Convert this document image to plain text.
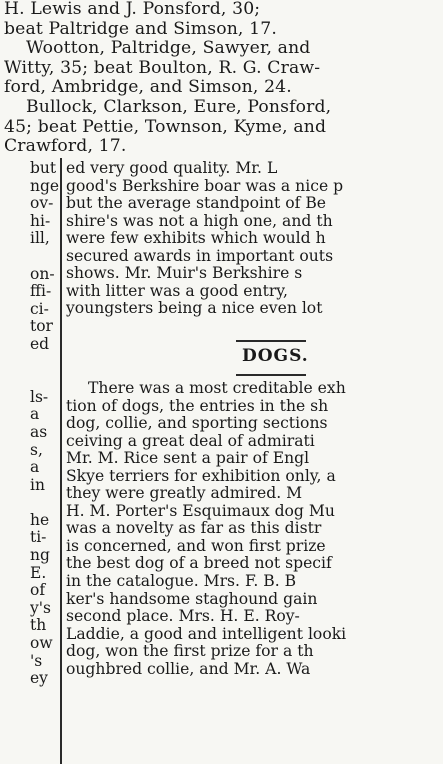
H. Lewis and J. Ponsford, 30;
beat Paltridge and Simson, 17.
Wootton, Paltridge, Sawyer, and
Witty, 35; beat Boulton, R. G. Craw-
ford, Ambridge, and Simson, 24.
Bullock, Clarkson, Eure, Ponsford,
45; beat Pettie, Townson, Kyme, and
Crawford, 17.
but
nge
ov-
hi-
ill,
on-
ffi-
ci-
tor
ed
ls-
a
as
s,
a
in
he
ti-
ng
E.
of
y's
th
ow
's
ey
ed very good quality. Mr. L
good's Berkshire boar was a nice p
but the average standpoint of Be
shire's was not a high one, and th
were few exhibits which would h
secured awards in important outs
shows. Mr. Muir's Berkshire s
with litter was a good entry,
youngsters being a nice even lot
DOGS.
There was a most creditable exh
tion of dogs, the entries in the sh
dog, collie, and sporting sections
ceiving a great deal of admirati
Mr. M. Rice sent a pair of Engl
Skye terriers for exhibition only, a
they were greatly admired. M
H. M. Porter's Esquimaux dog Mu
was a novelty as far as this distr
is concerned, and won first prize
the best dog of a breed not specif
in the catalogue. Mrs. F. B. B
ker's handsome staghound gain
second place. Mrs. H. E. Roy-
Laddie, a good and intelligent looki
dog, won the first prize for a th
oughbred collie, and Mr. A. Wa
